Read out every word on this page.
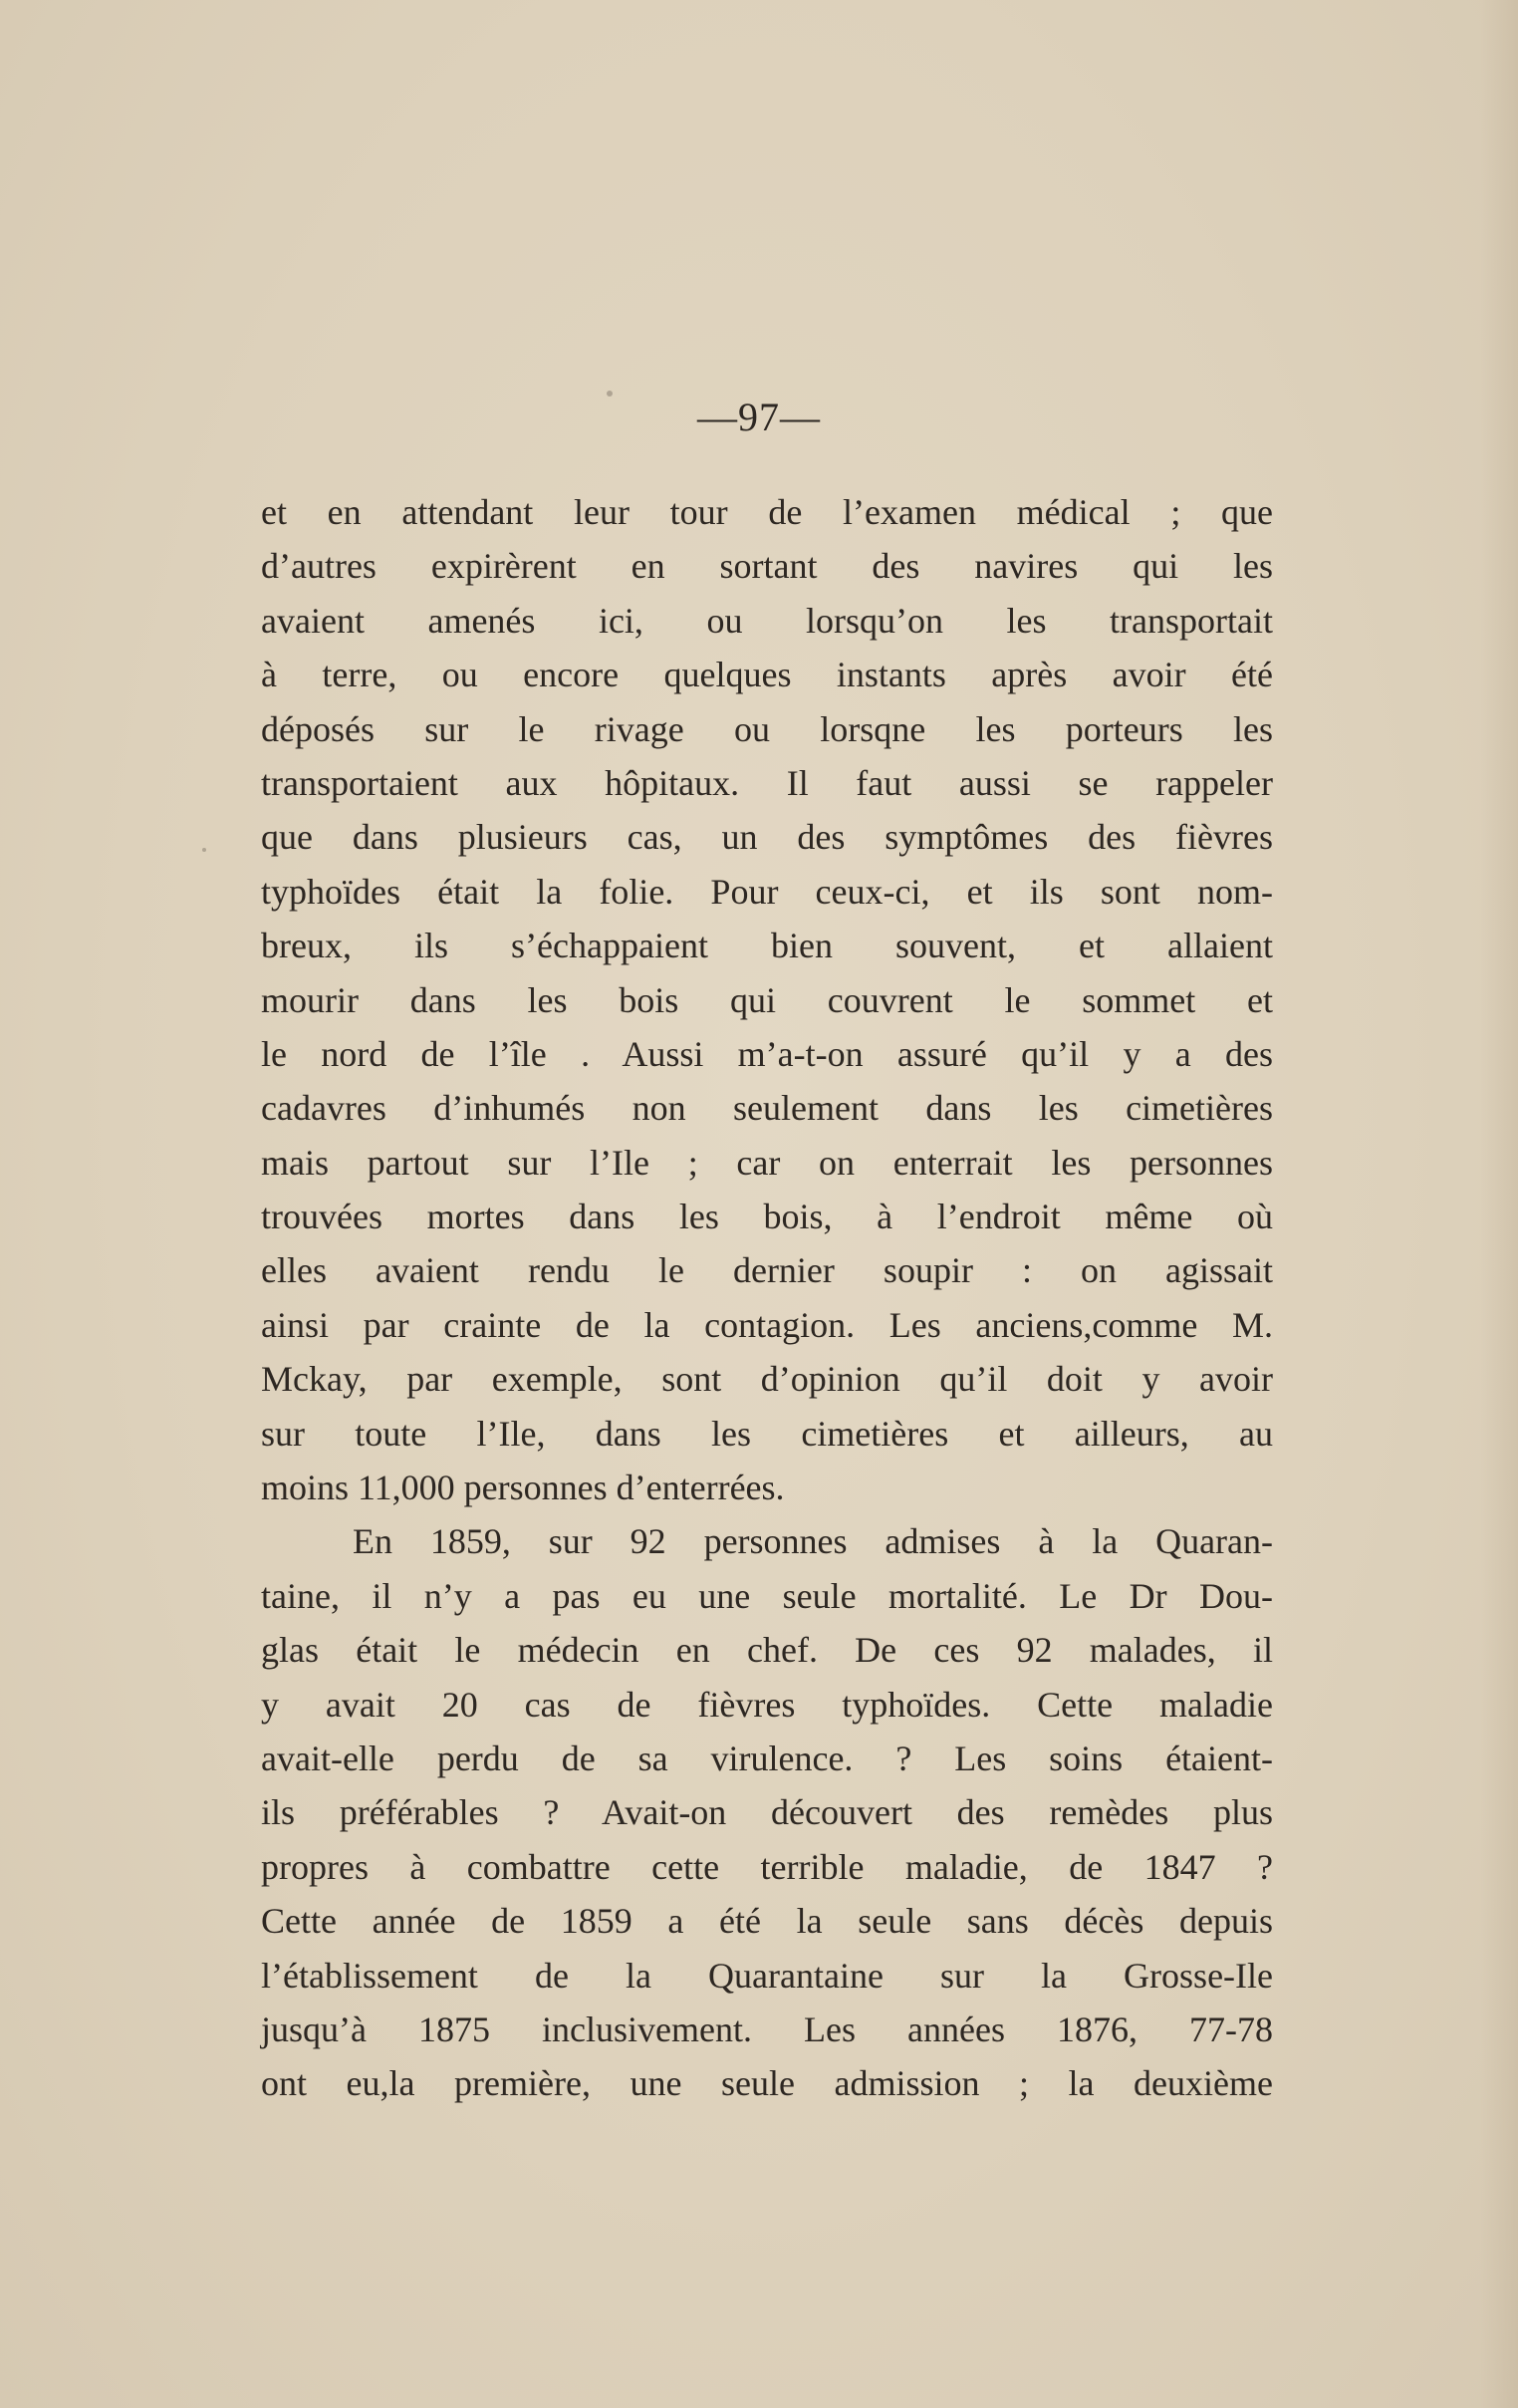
—97—
et en attendant leur tour de l’examen médical ; que
d’autres expirèrent en sortant des navires qui les
avaient amenés ici, ou lorsqu’on les transportait
à terre, ou encore quelques instants après avoir été
déposés sur le rivage ou lorsqne les porteurs les
transportaient aux hôpitaux. Il faut aussi se rappeler
que dans plusieurs cas, un des symptômes des fièvres
typhoïdes était la folie. Pour ceux-ci, et ils sont nom-
breux, ils s’échappaient bien souvent, et allaient
mourir dans les bois qui couvrent le sommet et
le nord de l’île . Aussi m’a-t-on assuré qu’il y a des
cadavres d’inhumés non seulement dans les cimetières
mais partout sur l’Ile ; car on enterrait les personnes
trouvées mortes dans les bois, à l’endroit même où
elles avaient rendu le dernier soupir : on agissait
ainsi par crainte de la contagion. Les anciens,comme M.
Mckay, par exemple, sont d’opinion qu’il doit y avoir
sur toute l’Ile, dans les cimetières et ailleurs, au
moins 11,000 personnes d’enterrées.
En 1859, sur 92 personnes admises à la Quaran-
taine, il n’y a pas eu une seule mortalité. Le Dr Dou-
glas était le médecin en chef. De ces 92 malades, il
y avait 20 cas de fièvres typhoïdes. Cette maladie
avait-elle perdu de sa virulence. ? Les soins étaient-
ils préférables ? Avait-on découvert des remèdes plus
propres à combattre cette terrible maladie, de 1847 ?
Cette année de 1859 a été la seule sans décès depuis
l’établissement de la Quarantaine sur la Grosse-Ile
jusqu’à 1875 inclusivement. Les années 1876, 77-78
ont eu,la première, une seule admission ; la deuxième
